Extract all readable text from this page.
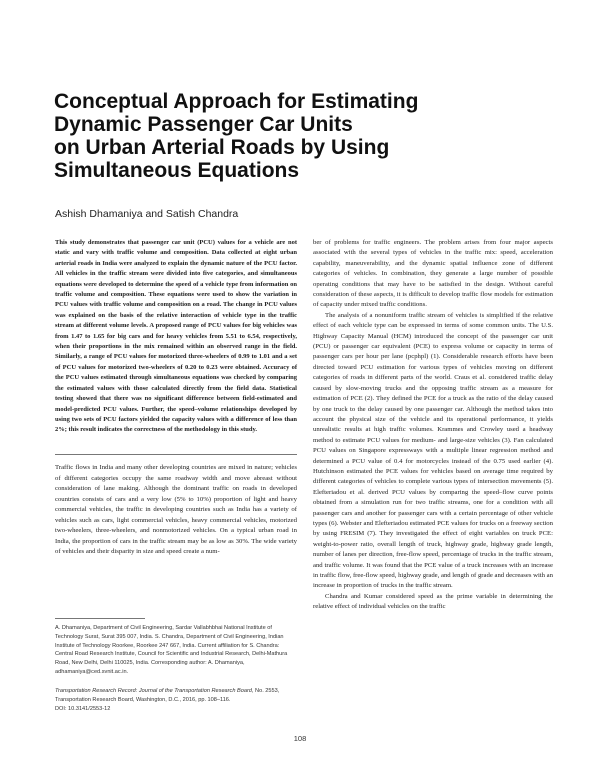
Conceptual Approach for Estimating
Dynamic Passenger Car Units
on Urban Arterial Roads by Using
Simultaneous Equations

Ashish Dhamaniya and Satish Chandra

This study demonstrates that passenger car unit (PCU) values for a vehicle are not static and vary with traffic volume and composition. Data collected at eight urban arterial roads in India were analyzed to explain the dynamic nature of the PCU factor. All vehicles in the traffic stream were divided into five categories, and simultaneous equations were developed to determine the speed of a vehicle type from information on traffic volume and composition. These equations were used to show the variation in PCU values with traffic volume and composition on a road. The change in PCU values was explained on the basis of the relative interaction of vehicle type in the traffic stream at different volume levels. A proposed range of PCU values for big vehicles was from 1.47 to 1.65 for big cars and for heavy vehicles from 5.51 to 6.54, respectively, when their proportions in the mix remained within an observed range in the field. Similarly, a range of PCU values for motorized three-wheelers of 0.99 to 1.01 and a set of PCU values for motorized two-wheelers of 0.20 to 0.23 were obtained. Accuracy of the PCU values estimated through simultaneous equations was checked by comparing the estimated values with those calculated directly from the field data. Statistical testing showed that there was no significant difference between field-estimated and model-predicted PCU values. Further, the speed–volume relationships developed by using two sets of PCU factors yielded the capacity values with a difference of less than 2%; this result indicates the correctness of the methodology in this study.

Traffic flows in India and many other developing countries are mixed in nature; vehicles of different categories occupy the same roadway width and move abreast without consideration of lane making. Although the dominant traffic on roads in developed countries consists of cars and a very low (5% to 10%) proportion of light and heavy commercial vehicles, the traffic in developing countries such as India has a variety of vehicles such as cars, light commercial vehicles, heavy commercial vehicles, motorized two-wheelers, three-wheelers, and nonmotorized vehicles. On a typical urban road in India, the proportion of cars in the traffic stream may be as low as 30%. The wide variety of vehicles and their disparity in size and speed create a num-

A. Dhamaniya, Department of Civil Engineering, Sardar Vallabhbhai National Institute of Technology Surat, Surat 395 007, India. S. Chandra, Department of Civil Engineering, Indian Institute of Technology Roorkee, Roorkee 247 667, India. Current affiliation for S. Chandra: Central Road Research Institute, Council for Scientific and Industrial Research, Delhi-Mathura Road, New Delhi, Delhi 110025, India. Corresponding author: A. Dhamaniya, adhamaniya@ced.svnit.ac.in.

Transportation Research Record: Journal of the Transportation Research Board, No. 2553, Transportation Research Board, Washington, D.C., 2016, pp. 108–116.
DOI: 10.3141/2553-12

ber of problems for traffic engineers. The problem arises from four major aspects associated with the several types of vehicles in the traffic mix: speed, acceleration capability, maneuverability, and the dynamic spatial influence zone of different categories of vehicles. In combination, they generate a large number of possible operating conditions that may have to be satisfied in the design. Without careful consideration of these aspects, it is difficult to develop traffic flow models for estimation of capacity under mixed traffic conditions.

The analysis of a nonuniform traffic stream of vehicles is simplified if the relative effect of each vehicle type can be expressed in terms of some common units. The U.S. Highway Capacity Manual (HCM) introduced the concept of the passenger car unit (PCU) or passenger car equivalent (PCE) to express volume or capacity in terms of passenger cars per hour per lane (pcphpl) (1). Considerable research efforts have been directed toward PCU estimation for various types of vehicles moving on different categories of roads in different parts of the world. Craus et al. considered traffic delay caused by slow-moving trucks and the opposing traffic stream as a measure for estimation of PCE (2). They defined the PCE for a truck as the ratio of the delay caused by one truck to the delay caused by one passenger car. Although the method takes into account the physical size of the vehicle and its operational performance, it yields unrealistic results at high traffic volumes. Krammes and Crowley used a headway method to estimate PCU values for medium- and large-size vehicles (3). Fan calculated PCU values on Singapore expressways with a multiple linear regression method and determined a PCU value of 0.4 for motorcycles instead of the 0.75 used earlier (4). Hutchinson estimated the PCE values for vehicles based on average time required by different categories of vehicles to complete various types of intersection movements (5). Elefteriadou et al. derived PCU values by comparing the speed–flow curve points obtained from a simulation run for two traffic streams, one for a condition with all passenger cars and another for passenger cars with a certain percentage of other vehicle types (6). Webster and Elefteriadou estimated PCE values for trucks on a freeway section by using FRESIM (7). They investigated the effect of eight variables on truck PCE: weight-to-power ratio, overall length of truck, highway grade, highway grade length, number of lanes per direction, free-flow speed, percentage of trucks in the traffic stream, and traffic volume. It was found that the PCE value of a truck increases with an increase in traffic flow, free-flow speed, highway grade, and length of grade and decreases with an increase in proportion of trucks in the traffic stream.

Chandra and Kumar considered speed as the prime variable in determining the relative effect of individual vehicles on the traffic

108
